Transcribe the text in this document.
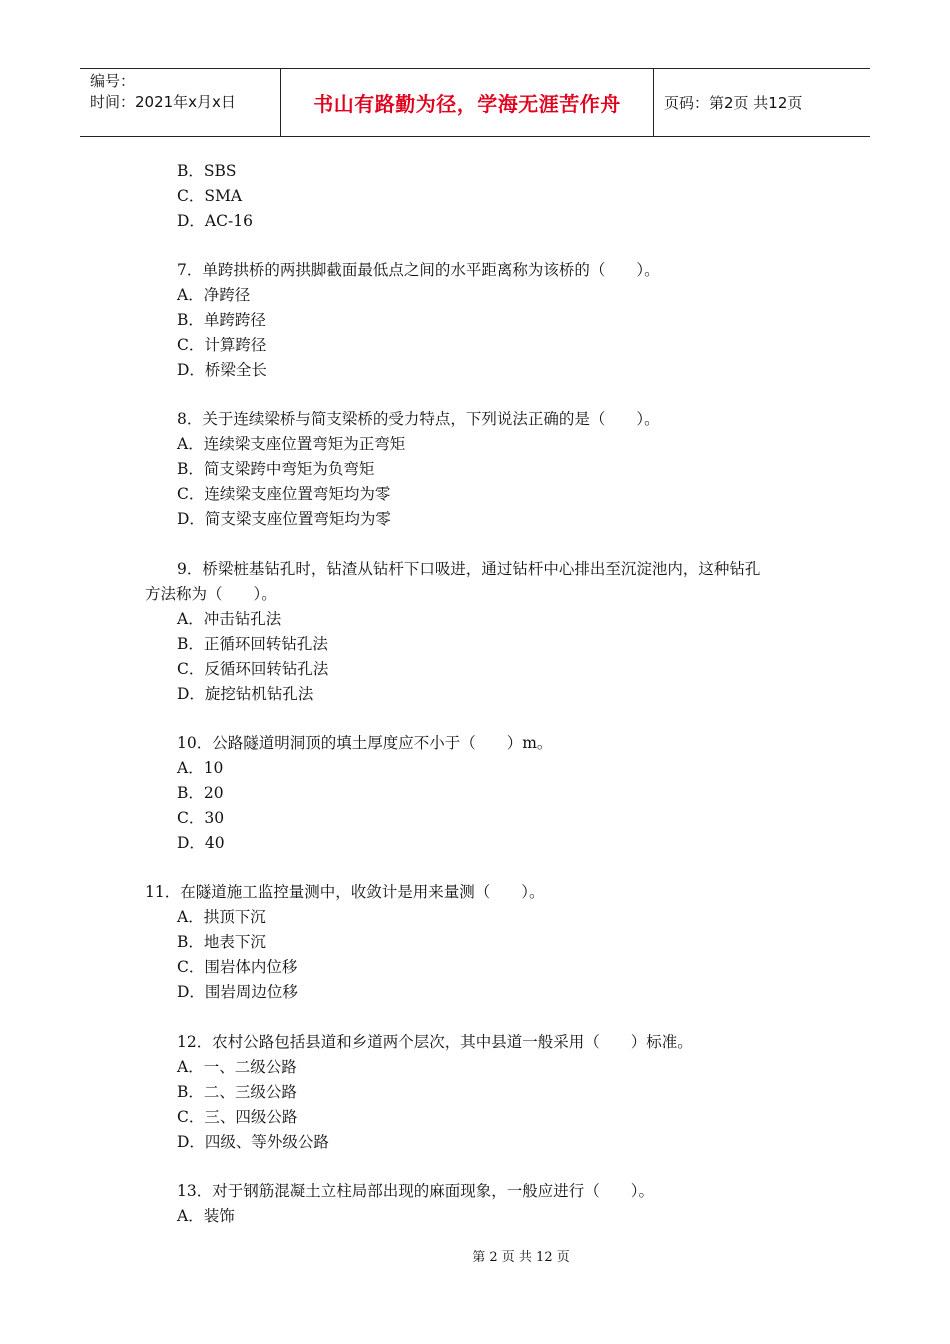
编号：
时间：2021年x月x日	书山有路勤为径，学海无涯苦作舟	页码：第2页 共12页
B．SBS
C．SMA
D．AC-16
7．单跨拱桥的两拱脚截面最低点之间的水平距离称为该桥的（　　）。
A．净跨径
B．单跨跨径
C．计算跨径
D．桥梁全长
8．关于连续梁桥与简支梁桥的受力特点，下列说法正确的是（　　）。
A．连续梁支座位置弯矩为正弯矩
B．简支梁跨中弯矩为负弯矩
C．连续梁支座位置弯矩均为零
D．简支梁支座位置弯矩均为零
9．桥梁桩基钻孔时，钻渣从钻杆下口吸进，通过钻杆中心排出至沉淀池内，这种钻孔
方法称为（　　）。
A．冲击钻孔法
B．正循环回转钻孔法
C．反循环回转钻孔法
D．旋挖钻机钻孔法
10．公路隧道明洞顶的填土厚度应不小于（　　）m。
A．10
B．20
C．30
D．40
11．在隧道施工监控量测中，收敛计是用来量测（　　）。
A．拱顶下沉
B．地表下沉
C．围岩体内位移
D．围岩周边位移
12．农村公路包括县道和乡道两个层次，其中县道一般采用（　　）标准。
A．一、二级公路
B．二、三级公路
C．三、四级公路
D．四级、等外级公路
13．对于钢筋混凝土立柱局部出现的麻面现象，一般应进行（　　）。
A．装饰
第 2 页 共 12 页
